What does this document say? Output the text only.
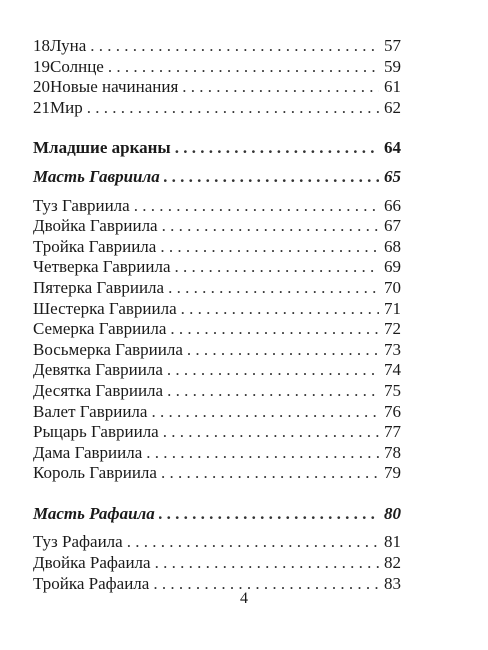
18 Луна . . .	57
19 Солнце . . .	59
20 Новые начинания . . .	61
21 Мир . . .	62
Младшие арканы . . .	64
Масть Гавриила . . .	65
Туз Гавриила . . .	66
Двойка Гавриила . . .	67
Тройка Гавриила . . .	68
Четверка Гавриила . . .	69
Пятерка Гавриила . . .	70
Шестерка Гавриила . . .	71
Семерка Гавриила . . .	72
Восьмерка Гавриила . . .	73
Девятка Гавриила . . .	74
Десятка Гавриила . . .	75
Валет Гавриила . . .	76
Рыцарь Гавриила . . .	77
Дама Гавриила . . .	78
Король Гавриила . . .	79
Масть Рафаила . . .	80
Туз Рафаила . . .	81
Двойка Рафаила . . .	82
Тройка Рафаила . . .	83
4
